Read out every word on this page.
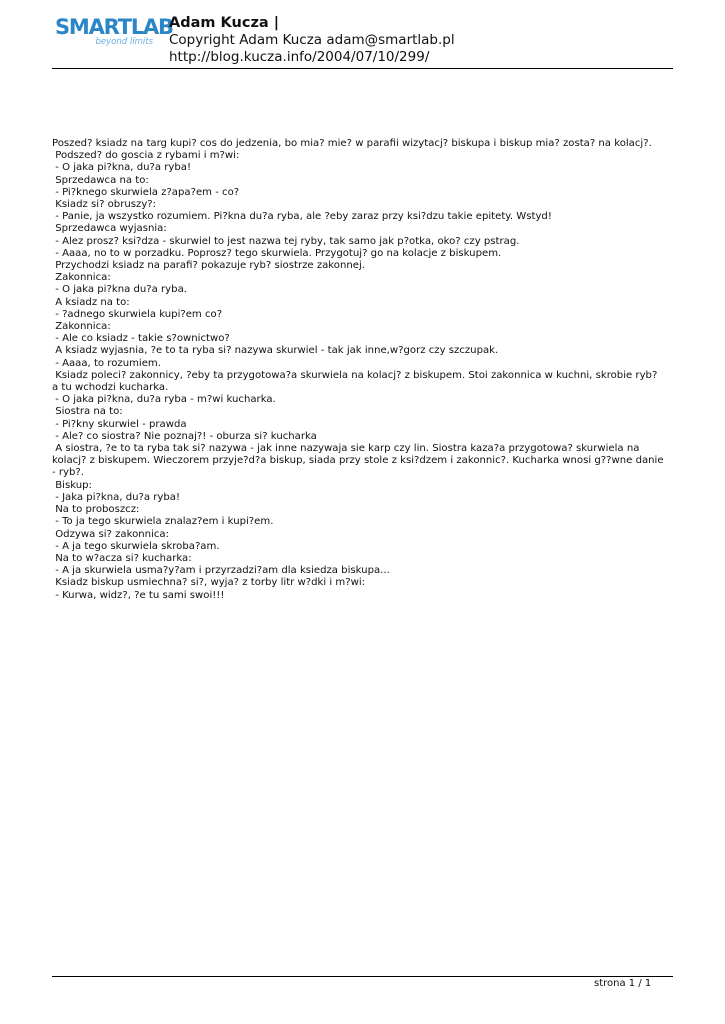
SMARTLAB
beyond limits
Adam Kucza |
Copyright Adam Kucza adam@smartlab.pl
http://blog.kucza.info/2004/07/10/299/
Poszed? ksiadz na targ kupi? cos do jedzenia, bo mia? mie? w parafii wizytacj? biskupa i biskup mia? zosta? na kolacj?.
Podszed? do goscia z rybami i m?wi:
- O jaka pi?kna, du?a ryba!
Sprzedawca na to:
- Pi?knego skurwiela z?apa?em - co?
Ksiadz si? obruszy?:
- Panie, ja wszystko rozumiem. Pi?kna du?a ryba, ale ?eby zaraz przy ksi?dzu takie epitety. Wstyd!
Sprzedawca wyjasnia:
- Alez prosz? ksi?dza - skurwiel to jest nazwa tej ryby, tak samo jak p?otka, oko? czy pstrag.
- Aaaa, no to w porzadku. Poprosz? tego skurwiela. Przygotuj? go na kolacje z biskupem.
Przychodzi ksiadz na parafi? pokazuje ryb? siostrze zakonnej.
Zakonnica:
- O jaka pi?kna du?a ryba.
A ksiadz na to:
- ?adnego skurwiela kupi?em co?
Zakonnica:
- Ale co ksiadz - takie s?ownictwo?
A ksiadz wyjasnia, ?e to ta ryba si? nazywa skurwiel - tak jak inne,w?gorz czy szczupak.
- Aaaa, to rozumiem.
Ksiadz poleci? zakonnicy, ?eby ta przygotowa?a skurwiela na kolacj? z biskupem. Stoi zakonnica w kuchni, skrobie ryb? a tu wchodzi kucharka.
- O jaka pi?kna, du?a ryba - m?wi kucharka.
Siostra na to:
- Pi?kny skurwiel - prawda
- Ale? co siostra? Nie poznaj?! - oburza si? kucharka
A siostra, ?e to ta ryba tak si? nazywa - jak inne nazywaja sie karp czy lin. Siostra kaza?a przygotowa? skurwiela na kolacj? z biskupem. Wieczorem przyje?d?a biskup, siada przy stole z ksi?dzem i zakonnic?. Kucharka wnosi g??wne danie - ryb?.
Biskup:
- Jaka pi?kna, du?a ryba!
Na to proboszcz:
- To ja tego skurwiela znalaz?em i kupi?em.
Odzywa si? zakonnica:
- A ja tego skurwiela skroba?am.
Na to w?acza si? kucharka:
- A ja skurwiela usma?y?am i przyrzadzi?am dla ksiedza biskupa...
Ksiadz biskup usmiechna? si?, wyja? z torby litr w?dki i m?wi:
- Kurwa, widz?, ?e tu sami swoi!!!
strona 1 / 1
